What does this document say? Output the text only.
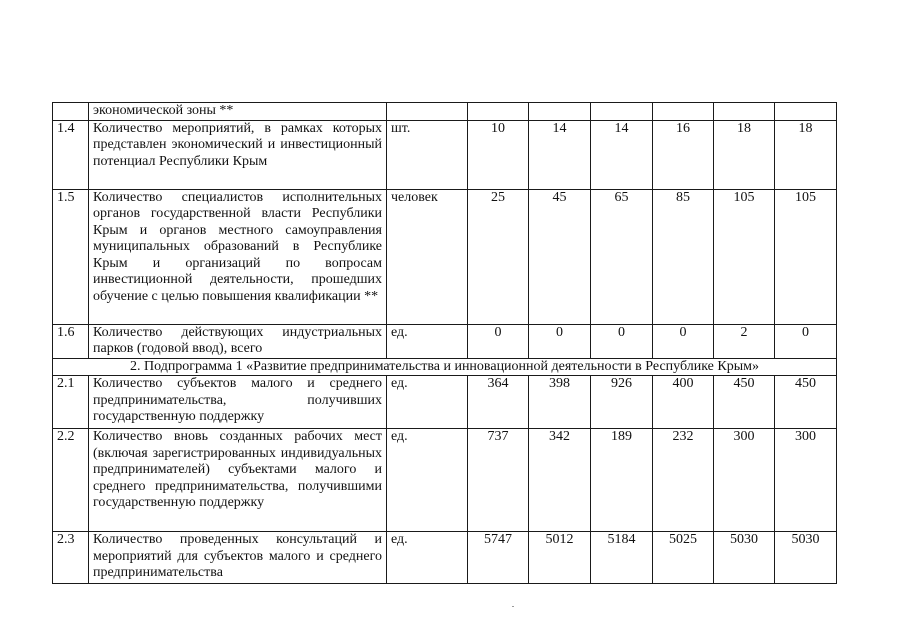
	экономической зоны **							
1.4	Количество мероприятий, в рамках которых представлен экономический и инвестиционный потенциал Республики Крым	шт.	10	14	14	16	18	18
1.5	Количество специалистов исполнительных органов государственной власти Республики Крым и органов местного самоуправления муниципальных образований в Республике Крым и организаций по вопросам инвестиционной деятельности, прошедших обучение с целью повышения квалификации **	человек	25	45	65	85	105	105
1.6	Количество действующих индустриальных парков (годовой ввод), всего	ед.	0	0	0	0	2	0
2. Подпрограмма 1 «Развитие предпринимательства и инновационной деятельности в Республике Крым»								
2.1	Количество субъектов малого и среднего предпринимательства, получивших государственную поддержку	ед.	364	398	926	400	450	450
2.2	Количество вновь созданных рабочих мест (включая зарегистрированных индивидуальных предпринимателей) субъектами малого и среднего предпринимательства, получившими государственную поддержку	ед.	737	342	189	232	300	300
2.3	Количество проведенных консультаций и мероприятий для субъектов малого и среднего предпринимательства	ед.	5747	5012	5184	5025	5030	5030
